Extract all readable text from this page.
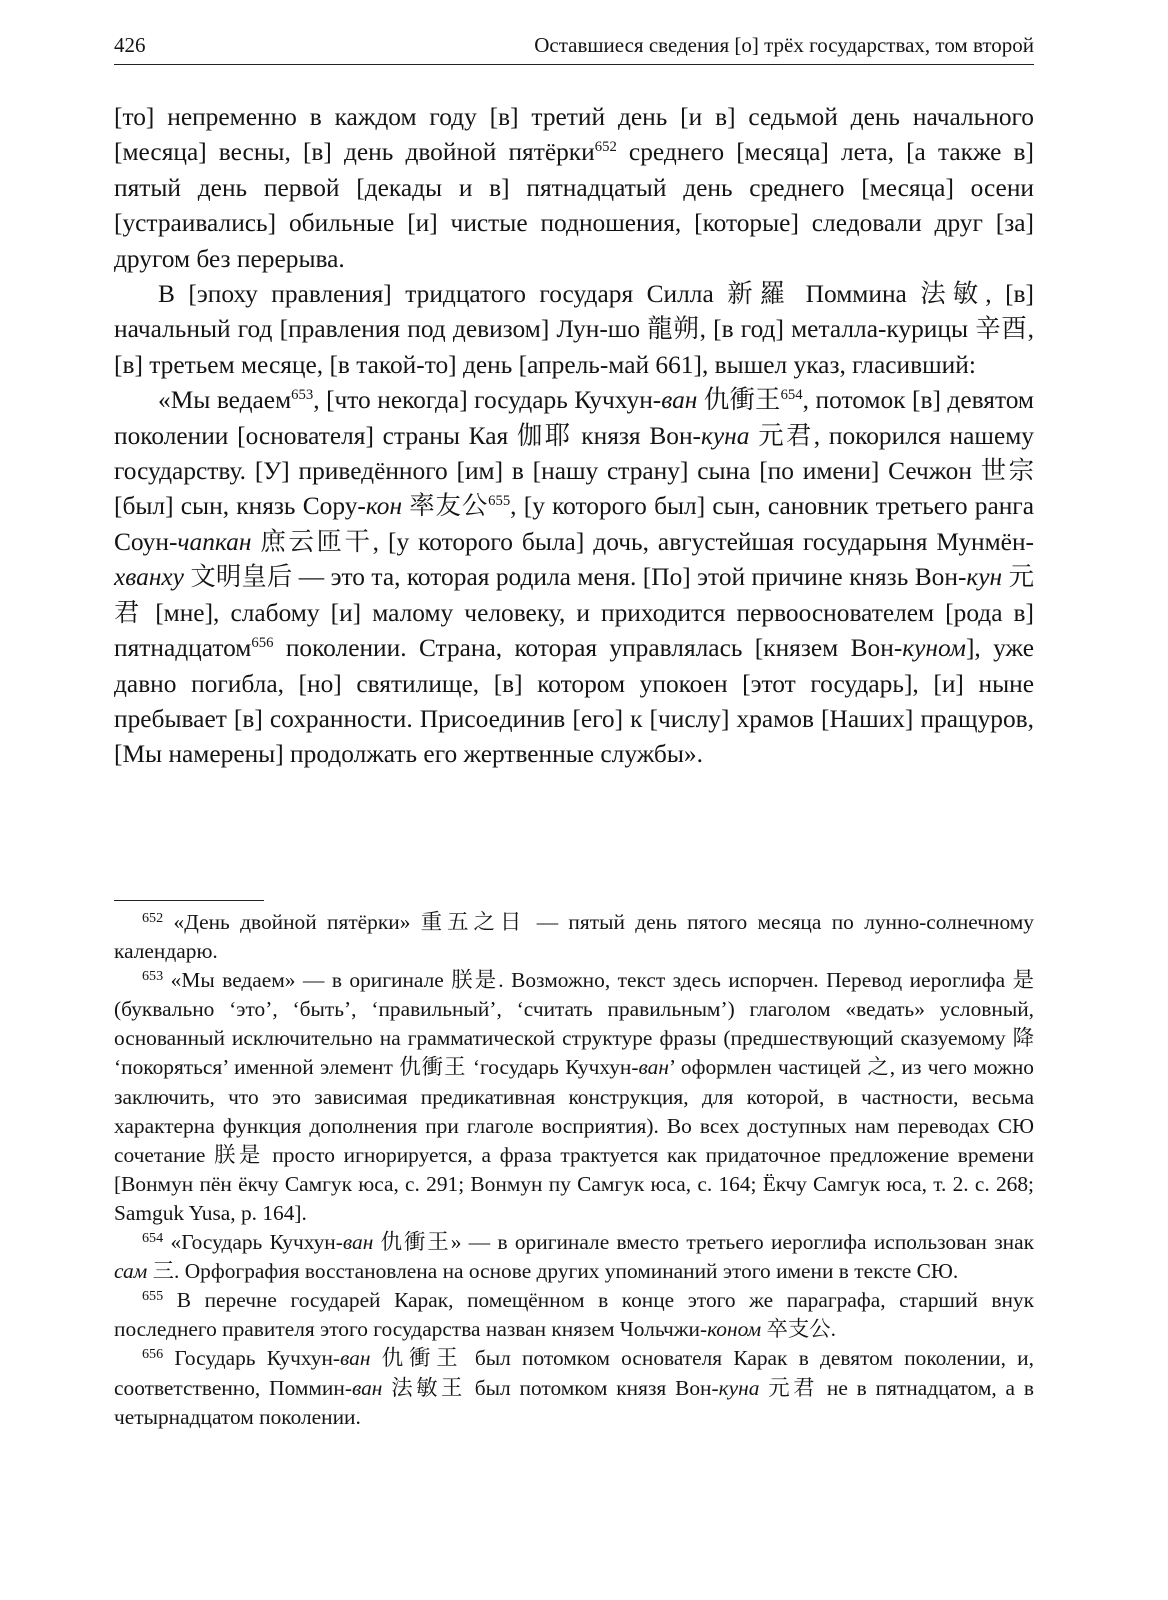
426	Оставшиеся сведения [о] трёх государствах, том второй

[то] непременно в каждом году [в] третий день [и в] седьмой день начального [месяца] весны, [в] день двойной пятёрки$^{652}$ среднего [месяца] лета, [а также в] пятый день первой [декады и в] пятнадцатый день среднего [месяца] осени [устраивались] обильные [и] чистые подношения, [которые] следовали друг [за] другом без перерыва.

В [эпоху правления] тридцатого государя Силла 新羅 Поммина 法敏, [в] начальный год [правления под девизом] Лун-шо 龍朔, [в год] металла-курицы 辛酉, [в] третьем месяце, [в такой-то] день [апрель-май 661], вышел указ, гласивший:

«Мы ведаем$^{653}$, [что некогда] государь Кучхун-ван 仇衝王$^{654}$, потомок [в] девятом поколении [основателя] страны Кая 伽耶 князя Вон-куна 元君, покорился нашему государству. [У] приведённого [им] в [нашу страну] сына [по имени] Сечжон 世宗 [был] сын, князь Сору-кон 率友公$^{655}$, [у которого был] сын, сановник третьего ранга Соун-чапкан 庶云匝干, [у которого была] дочь, августейшая государыня Мунмён-хванху 文明皇后 — это та, которая родила меня. [По] этой причине князь Вон-кун 元君 [мне], слабому [и] малому человеку, и приходится первооснователем [рода в] пятнадцатом$^{656}$ поколении. Страна, которая управлялась [князем Вон-куном], уже давно погибла, [но] святилище, [в] котором упокоен [этот государь], [и] ныне пребывает [в] сохранности. Присоединив [его] к [числу] храмов [Наших] пращуров, [Мы намерены] продолжать его жертвенные службы».

$^{652}$ «День двойной пятёрки» 重五之日 — пятый день пятого месяца по лунно-солнечному календарю.

$^{653}$ «Мы ведаем» — в оригинале 朕是. Возможно, текст здесь испорчен. Перевод иероглифа 是 (буквально ‘это’, ‘быть’, ‘правильный’, ‘считать правильным’) глаголом «ведать» условный, основанный исключительно на грамматической структуре фразы (предшествующий сказуемому 降 ‘покоряться’ именной элемент 仇衝王 ‘государь Кучхун-ван’ оформлен частицей 之, из чего можно заключить, что это зависимая предикативная конструкция, для которой, в частности, весьма характерна функция дополнения при глаголе восприятия). Во всех доступных нам переводах СЮ сочетание 朕是 просто игнорируется, а фраза трактуется как придаточное предложение времени [Вонмун пён ёкчу Самгук юса, с. 291; Вонмун пу Самгук юса, с. 164; Ёкчу Самгук юса, т. 2. с. 268; Samguk Yusa, p. 164].

$^{654}$ «Государь Кучхун-ван 仇衝王» — в оригинале вместо третьего иероглифа использован знак сам 三. Орфография восстановлена на основе других упоминаний этого имени в тексте СЮ.

$^{655}$ В перечне государей Карак, помещённом в конце этого же параграфа, старший внук последнего правителя этого государства назван князем Чольчжи-коном 卒支公.

$^{656}$ Государь Кучхун-ван 仇衝王 был потомком основателя Карак в девятом поколении, и, соответственно, Поммин-ван 法敏王 был потомком князя Вон-куна 元君 не в пятнадцатом, а в четырнадцатом поколении.
